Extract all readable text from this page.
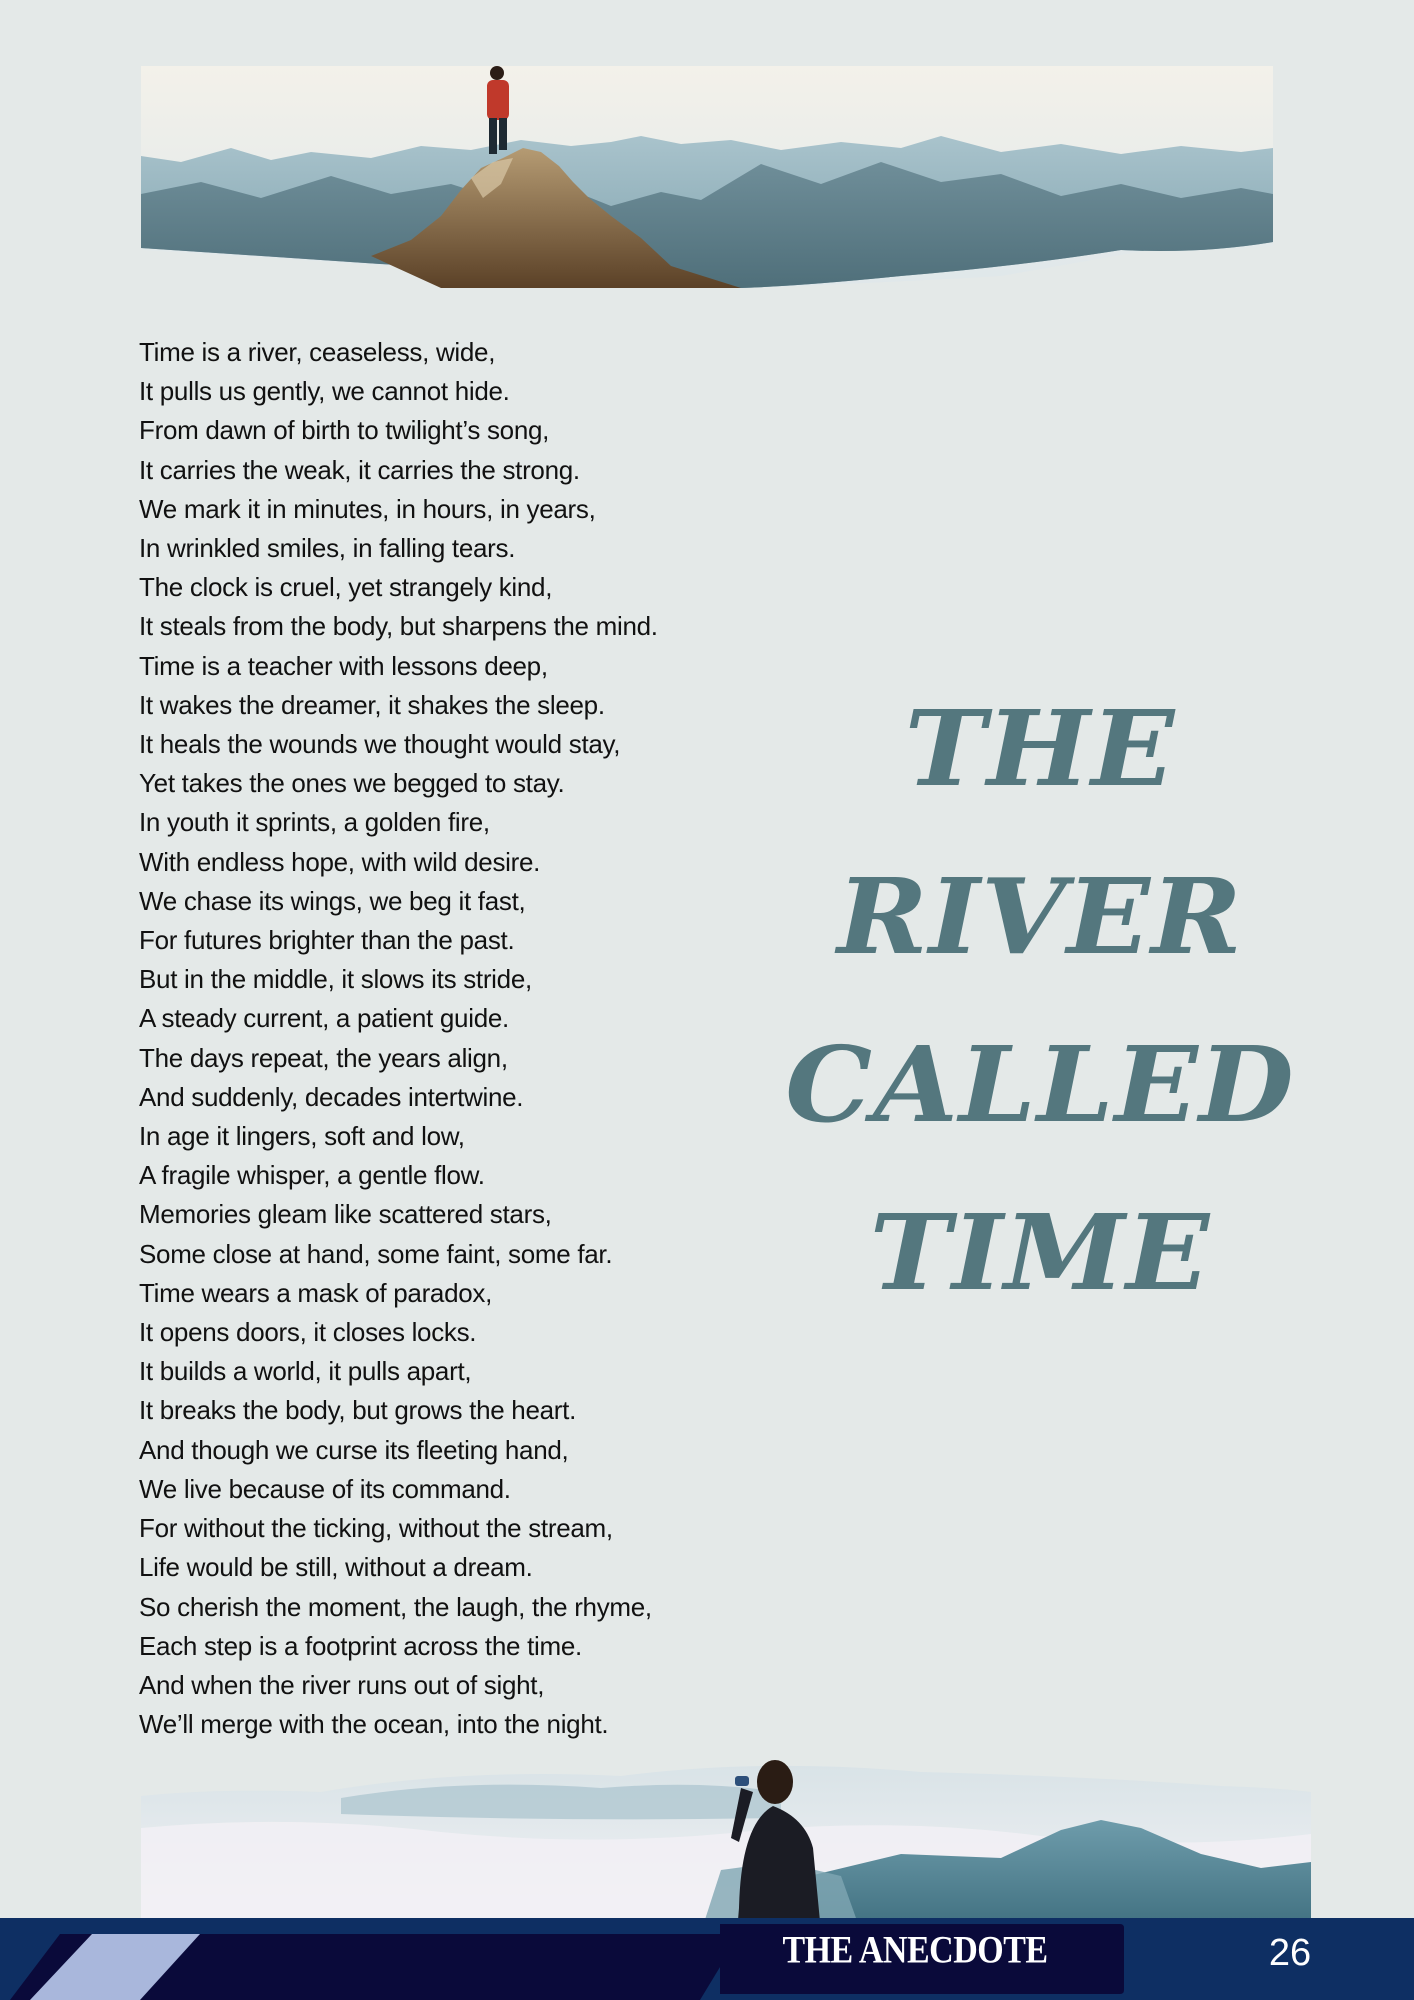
Time is a river, ceaseless, wide,
It pulls us gently, we cannot hide.
From dawn of birth to twilight’s song,
It carries the weak, it carries the strong.
We mark it in minutes, in hours, in years,
In wrinkled smiles, in falling tears.
The clock is cruel, yet strangely kind,
It steals from the body, but sharpens the mind.
Time is a teacher with lessons deep,
It wakes the dreamer, it shakes the sleep.
It heals the wounds we thought would stay,
Yet takes the ones we begged to stay.
In youth it sprints, a golden fire,
With endless hope, with wild desire.
We chase its wings, we beg it fast,
For futures brighter than the past.
But in the middle, it slows its stride,
A steady current, a patient guide.
The days repeat, the years align,
And suddenly, decades intertwine.
In age it lingers, soft and low,
A fragile whisper, a gentle flow.
Memories gleam like scattered stars,
Some close at hand, some faint, some far.
Time wears a mask of paradox,
It opens doors, it closes locks.
It builds a world, it pulls apart,
It breaks the body, but grows the heart.
And though we curse its fleeting hand,
We live because of its command.
For without the ticking, without the stream,
Life would be still, without a dream.
So cherish the moment, the laugh, the rhyme,
Each step is a footprint across the time.
And when the river runs out of sight,
We’ll merge with the ocean, into the night.
THE
RIVER
CALLED
TIME
THE ANECDOTE	26
